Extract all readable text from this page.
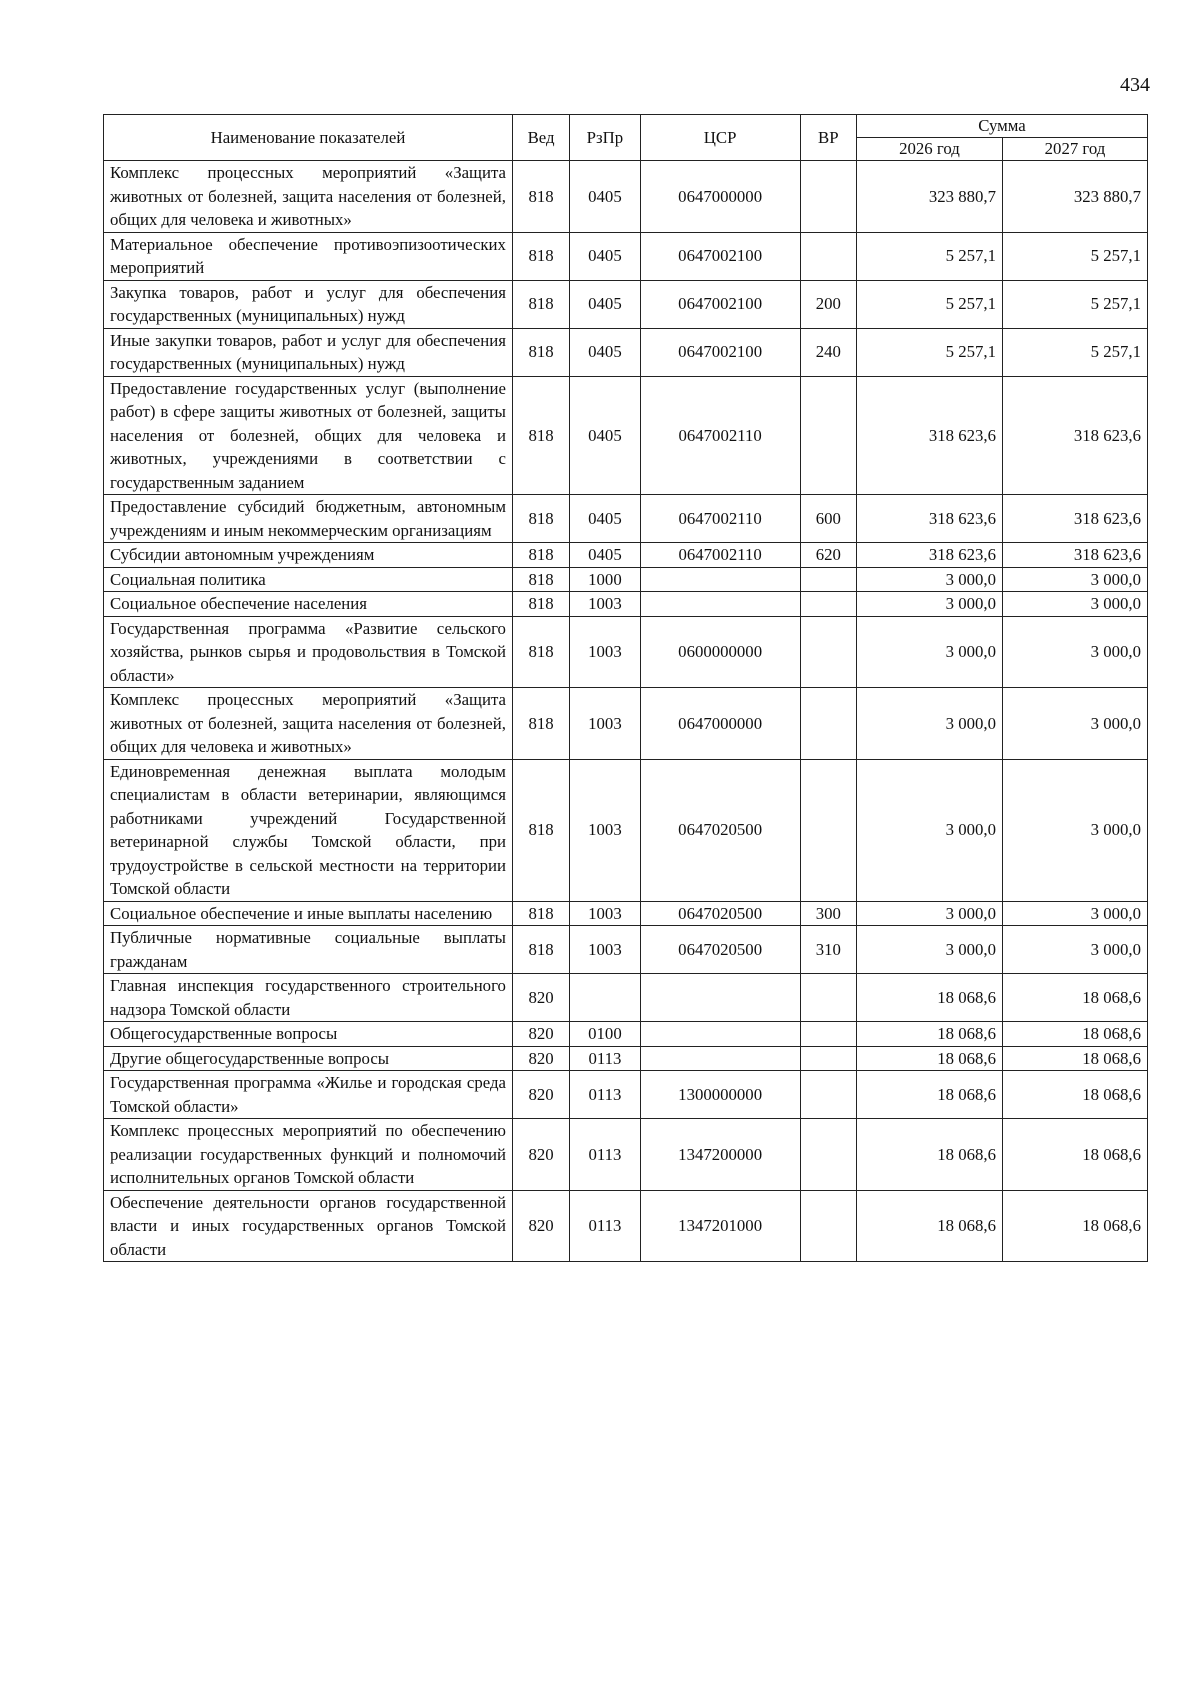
434
Наименование показателей	Вед	РзПр	ЦСР	ВР	Сумма	
					2026 год	2027 год
Комплекс процессных мероприятий «Защита животных от болезней, защита населения от болезней, общих для человека и животных»	818	0405	0647000000		323 880,7	323 880,7
Материальное обеспечение противоэпизоотических мероприятий	818	0405	0647002100		5 257,1	5 257,1
Закупка товаров, работ и услуг для обеспечения государственных (муниципальных) нужд	818	0405	0647002100	200	5 257,1	5 257,1
Иные закупки товаров, работ и услуг для обеспечения государственных (муниципальных) нужд	818	0405	0647002100	240	5 257,1	5 257,1
Предоставление государственных услуг (выполнение работ) в сфере защиты животных от болезней, защиты населения от болезней, общих для человека и животных, учреждениями в соответствии с государственным заданием	818	0405	0647002110		318 623,6	318 623,6
Предоставление субсидий бюджетным, автономным учреждениям и иным некоммерческим организациям	818	0405	0647002110	600	318 623,6	318 623,6
Субсидии автономным учреждениям	818	0405	0647002110	620	318 623,6	318 623,6
Социальная политика	818	1000			3 000,0	3 000,0
Социальное обеспечение населения	818	1003			3 000,0	3 000,0
Государственная программа «Развитие сельского хозяйства, рынков сырья и продовольствия в Томской области»	818	1003	0600000000		3 000,0	3 000,0
Комплекс процессных мероприятий «Защита животных от болезней, защита населения от болезней, общих для человека и животных»	818	1003	0647000000		3 000,0	3 000,0
Единовременная денежная выплата молодым специалистам в области ветеринарии, являющимся работниками учреждений Государственной ветеринарной службы Томской области, при трудоустройстве в сельской местности на территории Томской области	818	1003	0647020500		3 000,0	3 000,0
Социальное обеспечение и иные выплаты населению	818	1003	0647020500	300	3 000,0	3 000,0
Публичные нормативные социальные выплаты гражданам	818	1003	0647020500	310	3 000,0	3 000,0
Главная инспекция государственного строительного надзора Томской области	820				18 068,6	18 068,6
Общегосударственные вопросы	820	0100			18 068,6	18 068,6
Другие общегосударственные вопросы	820	0113			18 068,6	18 068,6
Государственная программа «Жилье и городская среда Томской области»	820	0113	1300000000		18 068,6	18 068,6
Комплекс процессных мероприятий по обеспечению реализации государственных функций и полномочий исполнительных органов Томской области	820	0113	1347200000		18 068,6	18 068,6
Обеспечение деятельности органов государственной власти и иных государственных органов Томской области	820	0113	1347201000		18 068,6	18 068,6
